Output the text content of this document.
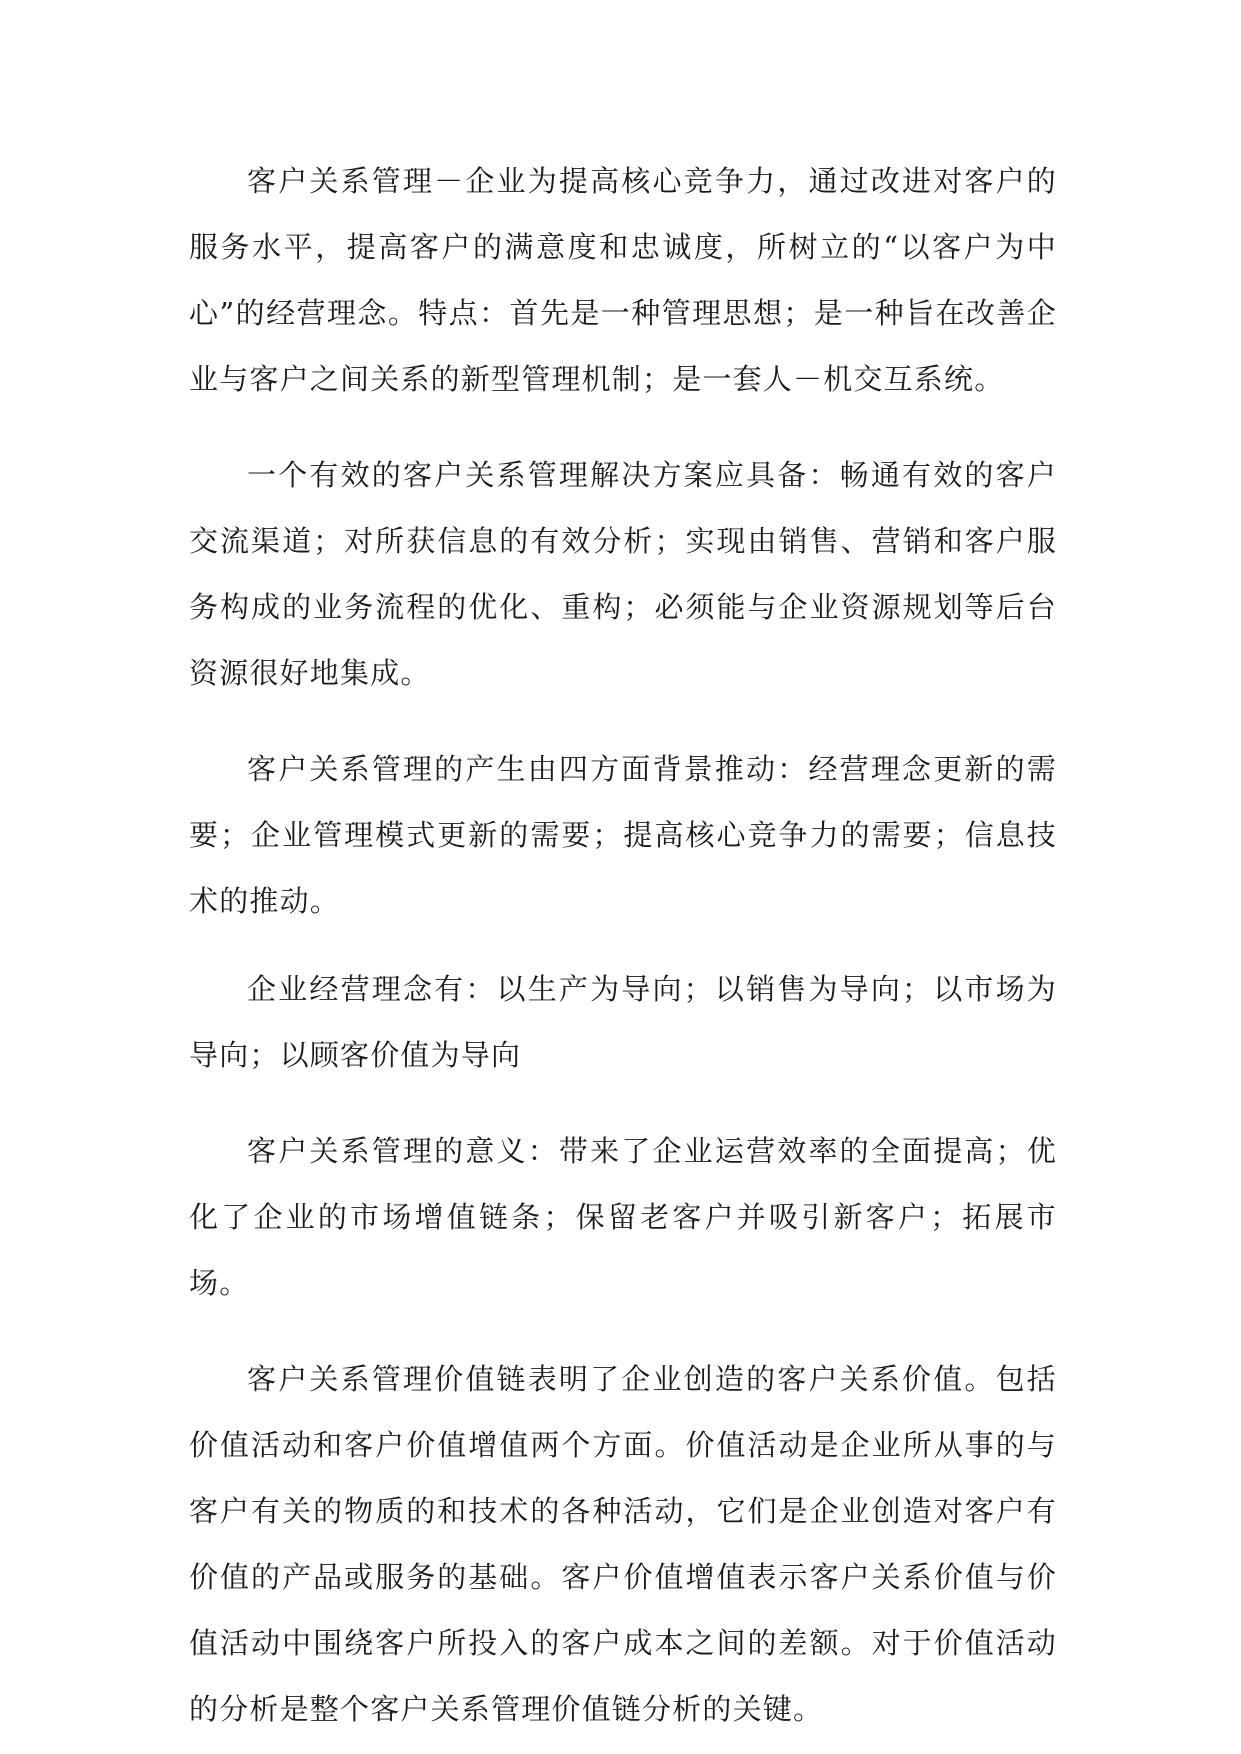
客户关系管理－企业为提高核心竞争力，通过改进对客户的服务水平，提高客户的满意度和忠诚度，所树立的“以客户为中心”的经营理念。特点：首先是一种管理思想；是一种旨在改善企业与客户之间关系的新型管理机制；是一套人－机交互系统。

一个有效的客户关系管理解决方案应具备：畅通有效的客户交流渠道；对所获信息的有效分析；实现由销售、营销和客户服务构成的业务流程的优化、重构；必须能与企业资源规划等后台资源很好地集成。

客户关系管理的产生由四方面背景推动：经营理念更新的需要；企业管理模式更新的需要；提高核心竞争力的需要；信息技术的推动。

企业经营理念有：以生产为导向；以销售为导向；以市场为导向；以顾客价值为导向

客户关系管理的意义：带来了企业运营效率的全面提高；优化了企业的市场增值链条；保留老客户并吸引新客户；拓展市场。

客户关系管理价值链表明了企业创造的客户关系价值。包括价值活动和客户价值增值两个方面。价值活动是企业所从事的与客户有关的物质的和技术的各种活动，它们是企业创造对客户有价值的产品或服务的基础。客户价值增值表示客户关系价值与价值活动中围绕客户所投入的客户成本之间的差额。对于价值活动的分析是整个客户关系管理价值链分析的关键。
